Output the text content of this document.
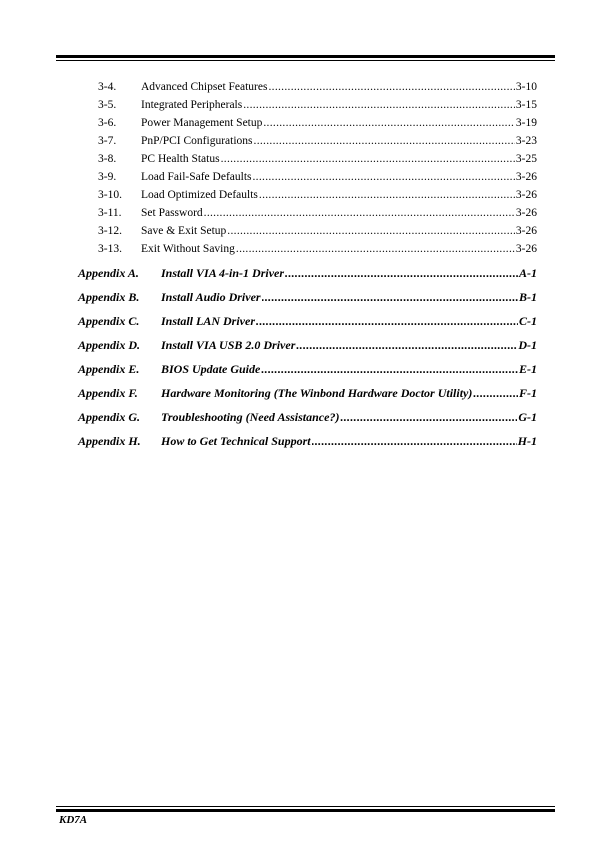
3-4.	Advanced Chipset Features .....	3-10
3-5.	Integrated Peripherals .....	3-15
3-6.	Power Management Setup .....	3-19
3-7.	PnP/PCI Configurations .....	3-23
3-8.	PC Health Status .....	3-25
3-9.	Load Fail-Safe Defaults .....	3-26
3-10.	Load Optimized Defaults .....	3-26
3-11.	Set Password .....	3-26
3-12.	Save & Exit Setup .....	3-26
3-13.	Exit Without Saving .....	3-26
Appendix A.	Install VIA 4-in-1 Driver .....	A-1
Appendix B.	Install Audio Driver .....	B-1
Appendix C.	Install LAN Driver .....	C-1
Appendix D.	Install VIA USB 2.0 Driver .....	D-1
Appendix E.	BIOS Update Guide .....	E-1
Appendix F.	Hardware Monitoring (The Winbond Hardware Doctor Utility) .....	F-1
Appendix G.	Troubleshooting (Need Assistance?) .....	G-1
Appendix H.	How to Get Technical Support .....	H-1
KD7A
